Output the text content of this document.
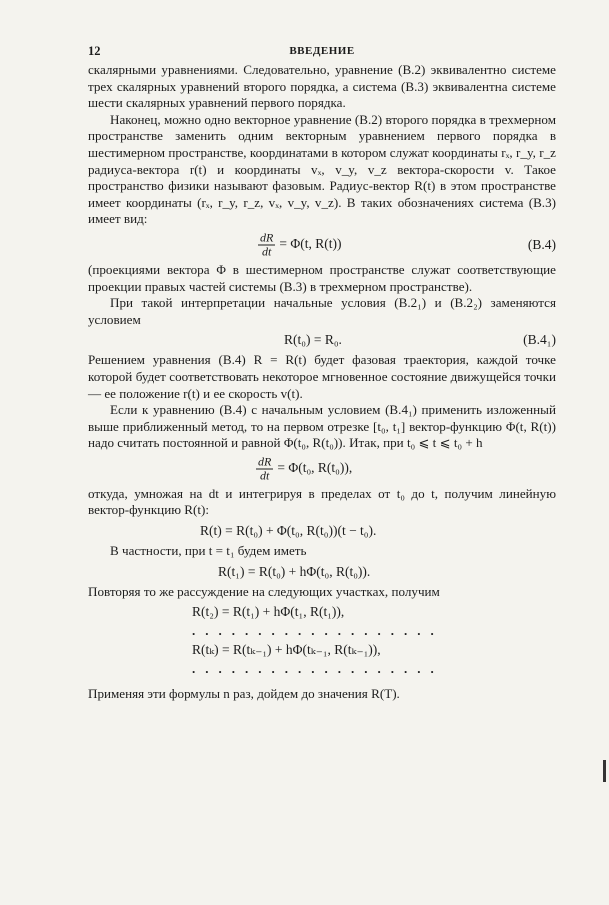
12	ВВЕДЕНИЕ

скалярными уравнениями. Следовательно, уравнение (В.2) эквивалентно системе трех скалярных уравнений второго порядка, а система (В.3) эквивалентна системе шести скалярных уравнений первого порядка.

Наконец, можно одно векторное уравнение (В.2) второго порядка в трехмерном пространстве заменить одним вeкторным уравнением первого порядка в шестимерном пространстве, координатами в котором служат координаты rₓ, r_y, r_z радиуса-вектора r(t) и координаты vₓ, v_y, v_z вектора-скорости v. Такое пространство физики называют фазовым. Радиус-вектор R(t) в этом пространстве имеет координаты (rₓ, r_y, r_z, vₓ, v_y, v_z). В таких обозначениях система (В.3) имеет вид:

$\frac{dR}{dt} = \Phi(t$, R(t))	(В.4)

(проекциями вектора Φ в шестимерном пространстве служат соответствующие проекции правых частей системы (В.3) в трехмерном пространстве).

При такой интерпретации начальные условия (В.2₁) и (В.2₂) заменяются условием

R(t₀) = R₀.	(В.4₁)

Решением уравнения (В.4) R = R(t) будет фазовая траектория, каждой точке которой будет соответствовать некоторое мгновенное состояние движущейся точки — ее положение r(t) и ее скорость v(t).

Если к уравнению (В.4) с начальным условием (В.4₁) применить изложенный выше приближенный метод, то на первом отрезке [t₀, t₁] вектор-функцию Φ(t, R(t)) надо считать постоянной и равной Φ(t₀, R(t₀)). Итак, при t₀ ⩽ t ⩽ t₀ + h

$\frac{dR}{dt} = \Phi(t_0$, R(t₀)),

откуда, умножая на dt и интегрируя в пределах от t₀ до t, получим линейную вектор-функцию R(t):

R(t) = R(t₀) + Φ(t₀, R(t₀))(t − t₀).

В частности, при t = t₁ будем иметь

R(t₁) = R(t₀) + hΦ(t₀, R(t₀)).

Повторяя то же рассуждение на следующих участках, получим

R(t₂) = R(t₁) + hΦ(t₁, R(t₁)),
...................
R(tₖ) = R(tₖ₋₁) + hΦ(tₖ₋₁, R(tₖ₋₁)),
...................

Применяя эти формулы n раз, дойдем до значения R(T).
